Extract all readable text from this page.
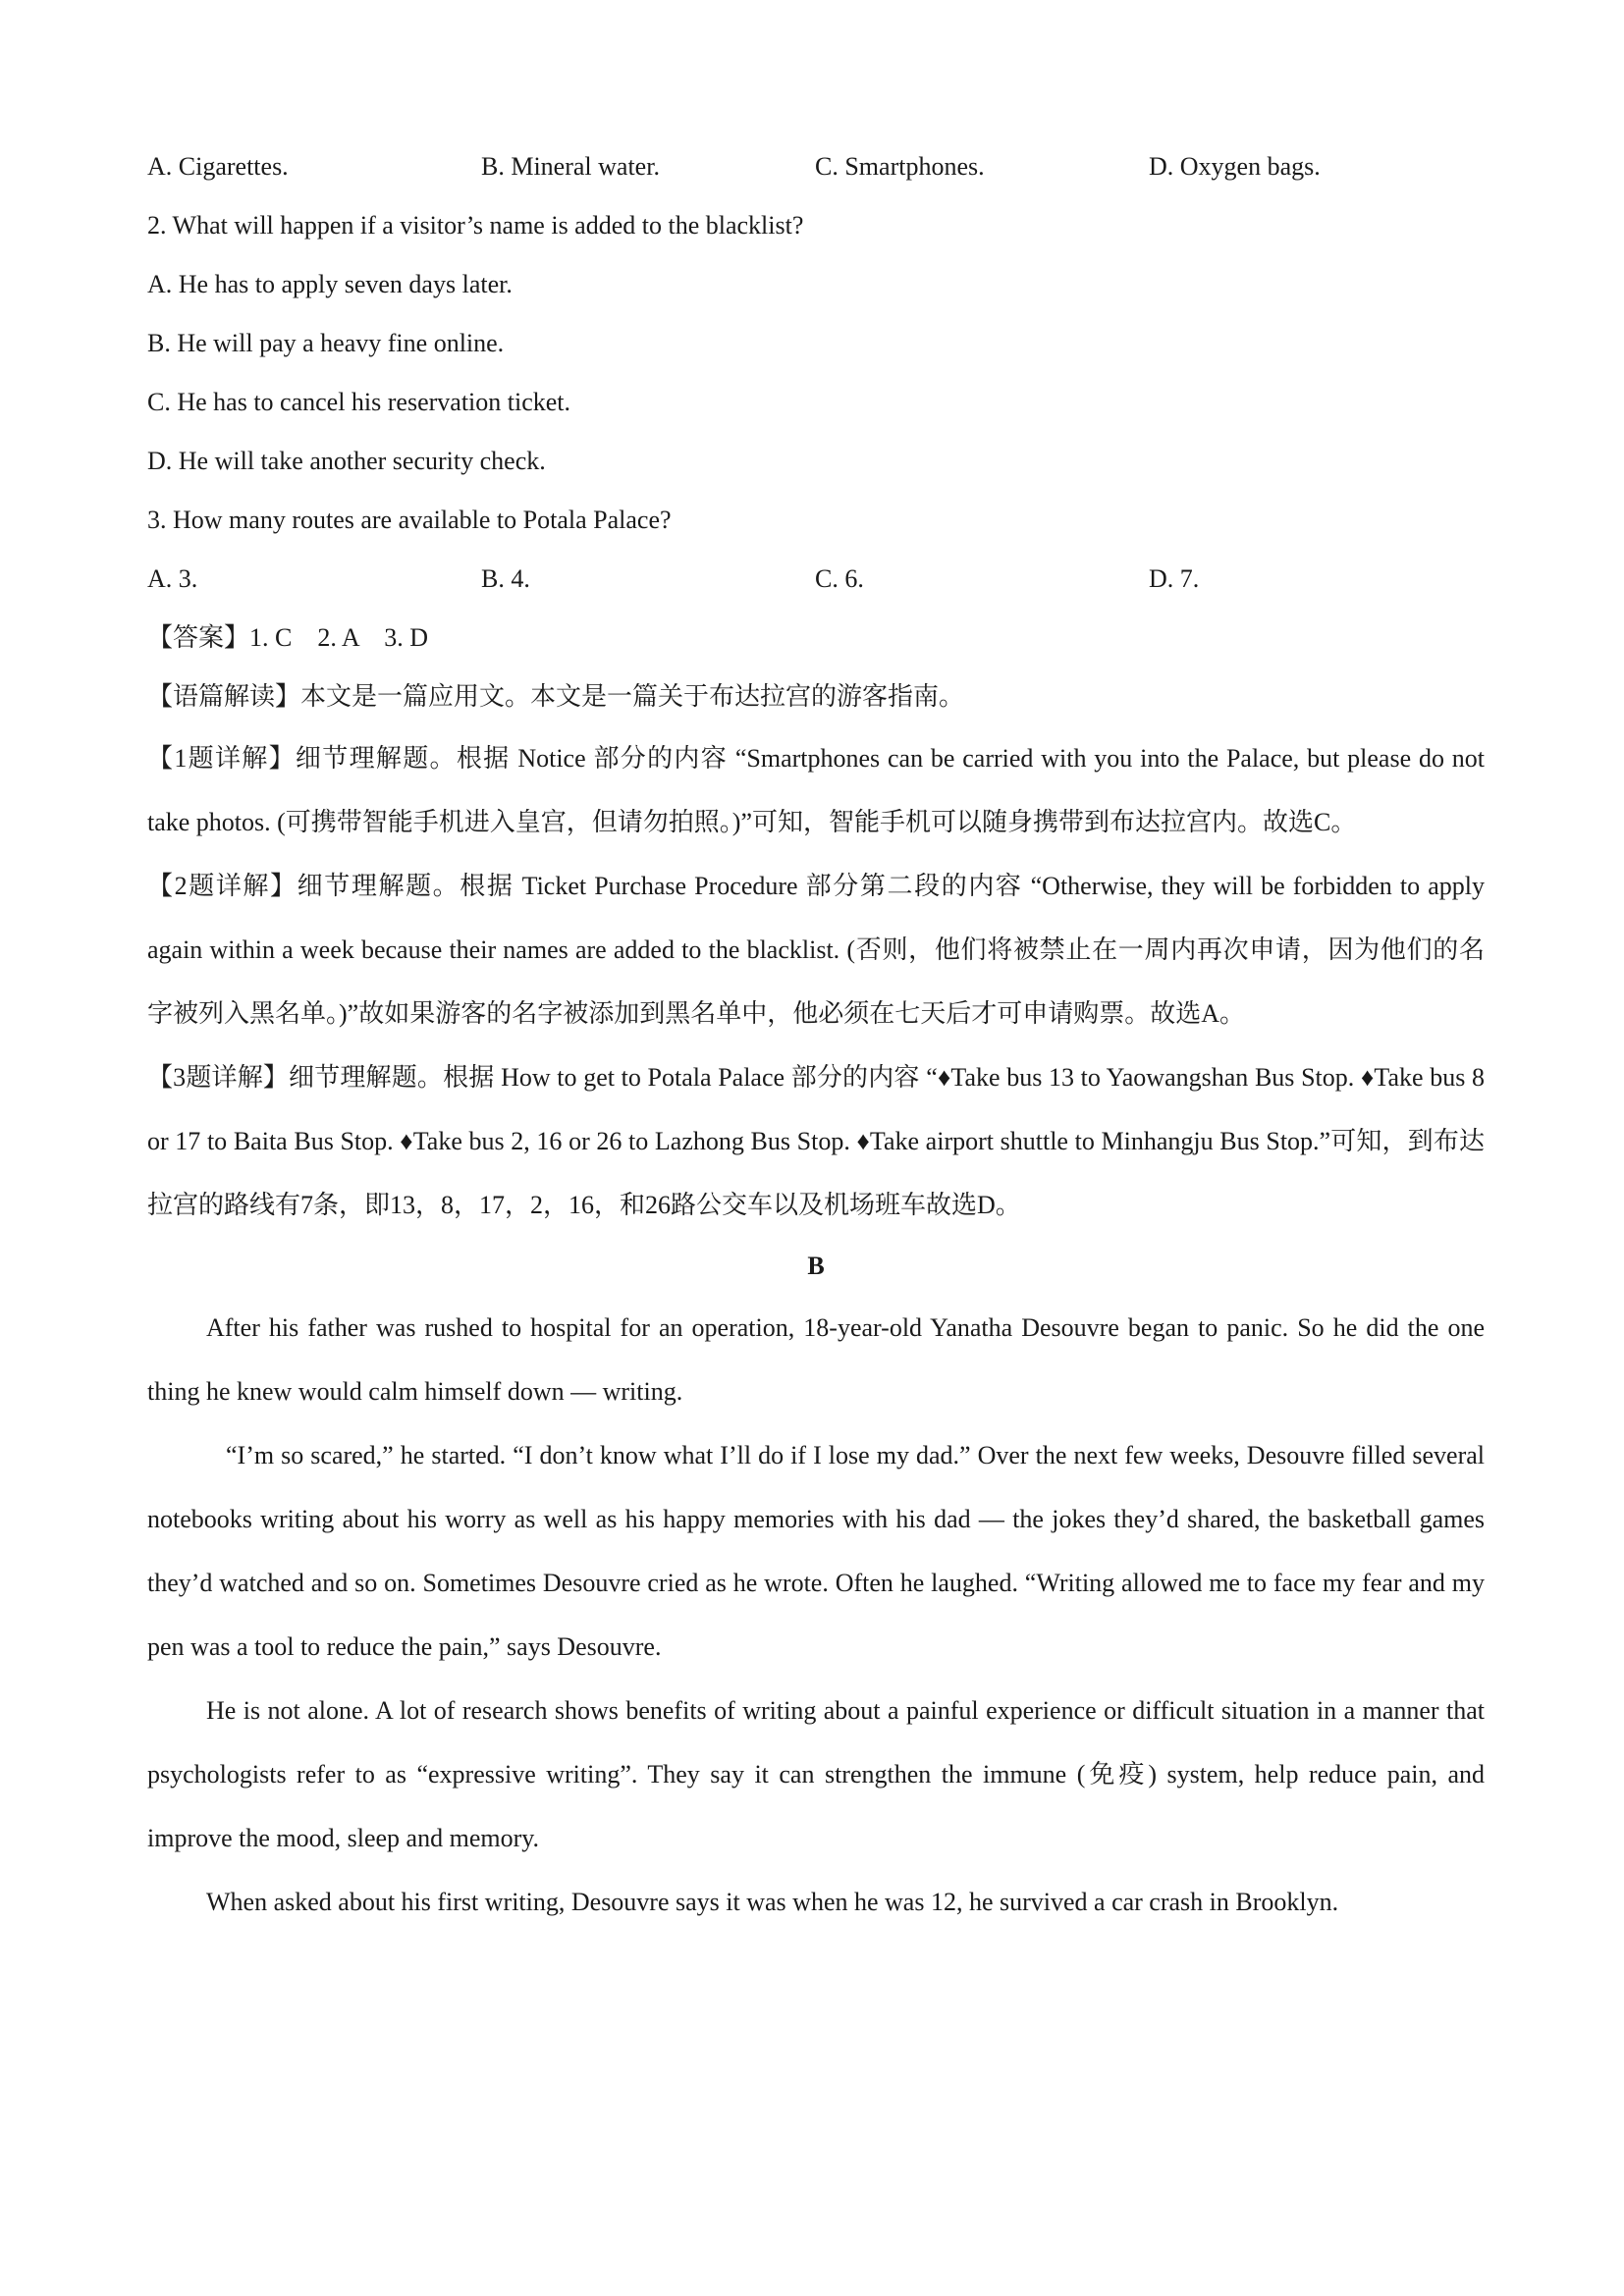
A. Cigarettes.	B. Mineral water.	C. Smartphones.	D. Oxygen bags.
2. What will happen if a visitor’s name is added to the blacklist?
A. He has to apply seven days later.
B. He will pay a heavy fine online.
C. He has to cancel his reservation ticket.
D. He will take another security check.
3. How many routes are available to Potala Palace?
A. 3.	B. 4.	C. 6.	D. 7.
【答案】1. C    2. A    3. D
【语篇解读】本文是一篇应用文。本文是一篇关于布达拉宫的游客指南。
【1题详解】细节理解题。根据 Notice 部分的内容 “Smartphones can be carried with you into the Palace, but please do not take photos. (可携带智能手机进入皇宫，但请勿拍照。)”可知，智能手机可以随身携带到布达拉宫内。故选C。
【2题详解】细节理解题。根据 Ticket Purchase Procedure 部分第二段的内容 “Otherwise, they will be forbidden to apply again within a week because their names are added to the blacklist. (否则，他们将被禁止在一周内再次申请，因为他们的名字被列入黑名单。)”故如果游客的名字被添加到黑名单中，他必须在七天后才可申请购票。故选A。
【3题详解】细节理解题。根据 How to get to Potala Palace 部分的内容 “♦Take bus 13 to Yaowangshan Bus Stop. ♦Take bus 8 or 17 to Baita Bus Stop. ♦Take bus 2, 16 or 26 to Lazhong Bus Stop. ♦Take airport shuttle to Minhangju Bus Stop.”可知，到布达拉宫的路线有7条，即13，8，17，2，16，和26路公交车以及机场班车故选D。
B
After his father was rushed to hospital for an operation, 18-year-old Yanatha Desouvre began to panic. So he did the one thing he knew would calm himself down — writing.
“I’m so scared,” he started. “I don’t know what I’ll do if I lose my dad.” Over the next few weeks, Desouvre filled several notebooks writing about his worry as well as his happy memories with his dad — the jokes they’d shared, the basketball games they’d watched and so on. Sometimes Desouvre cried as he wrote. Often he laughed. “Writing allowed me to face my fear and my pen was a tool to reduce the pain,” says Desouvre.
He is not alone. A lot of research shows benefits of writing about a painful experience or difficult situation in a manner that psychologists refer to as “expressive writing”. They say it can strengthen the immune (免疫) system, help reduce pain, and improve the mood, sleep and memory.
When asked about his first writing, Desouvre says it was when he was 12, he survived a car crash in Brooklyn.
